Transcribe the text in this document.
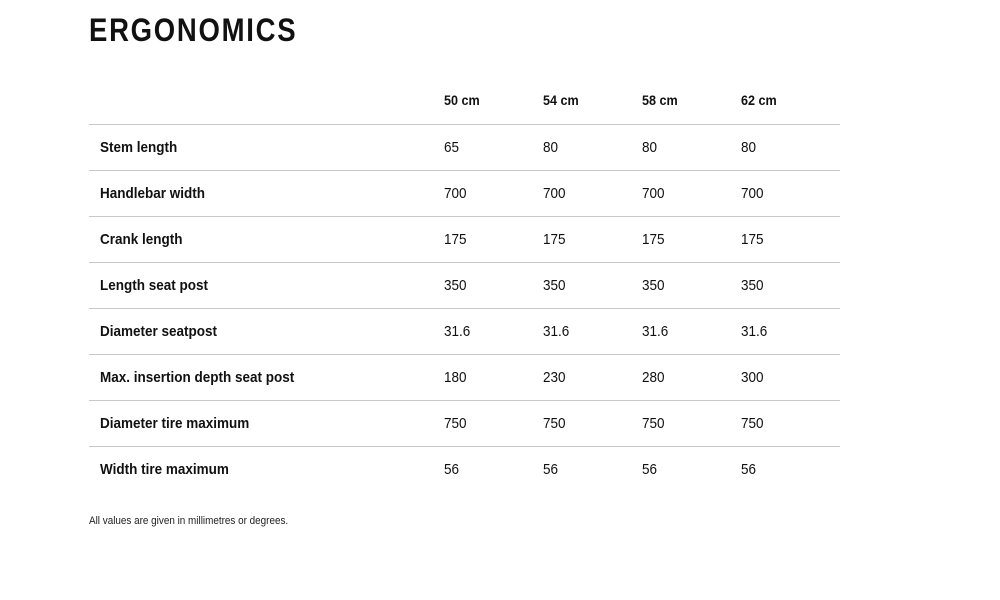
ERGONOMICS
	50 cm	54 cm	58 cm	62 cm
Stem length	65	80	80	80
Handlebar width	700	700	700	700
Crank length	175	175	175	175
Length seat post	350	350	350	350
Diameter seatpost	31.6	31.6	31.6	31.6
Max. insertion depth seat post	180	230	280	300
Diameter tire maximum	750	750	750	750
Width tire maximum	56	56	56	56

All values are given in millimetres or degrees.
